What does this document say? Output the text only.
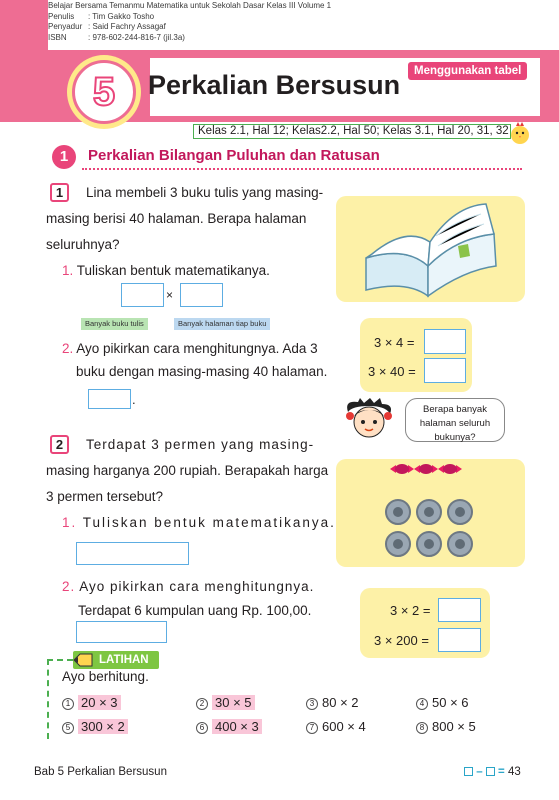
Belajar Bersama Temanmu Matematika untuk Sekolah Dasar Kelas III Volume 1
Penulis : Tim Gakko Tosho
Penyadur : Said Fachry Assagaf
ISBN	: 978-602-244-816-7 (jil.3a)
5 Perkalian Bersusun	Menggunakan tabel
Kelas 2.1, Hal 12; Kelas2.2, Hal 50; Kelas 3.1, Hal 20, 31, 32
1	Perkalian Bilangan Puluhan dan Ratusan
1	Lina membeli 3 buku tulis yang masing-
masing berisi 40 halaman. Berapa halaman
seluruhnya?
1. Tuliskan bentuk matematikanya.
×
Banyak buku tulis	Banyak halaman tiap buku
2. Ayo pikirkan cara menghitungnya. Ada 3
buku dengan masing-masing 40 halaman.
.
3 × 4 =
3 × 40 =
Berapa banyak halaman seluruh bukunya?
2	Terdapat 3 permen yang masing-
masing harganya 200 rupiah. Berapakah harga
3 permen tersebut?
1. Tuliskan bentuk matematikanya.
2. Ayo pikirkan cara menghitungnya.
Terdapat 6 kumpulan uang Rp. 100,00.	3 × 2 =
3 × 200 =
LATIHAN
Ayo berhitung.
1 20 × 3	2 30 × 5	3 80 × 2	4 50 × 6
5 300 × 2	6 400 × 3	7 600 × 4	8 800 × 5
Bab 5 Perkalian Bersusun	– = 43
